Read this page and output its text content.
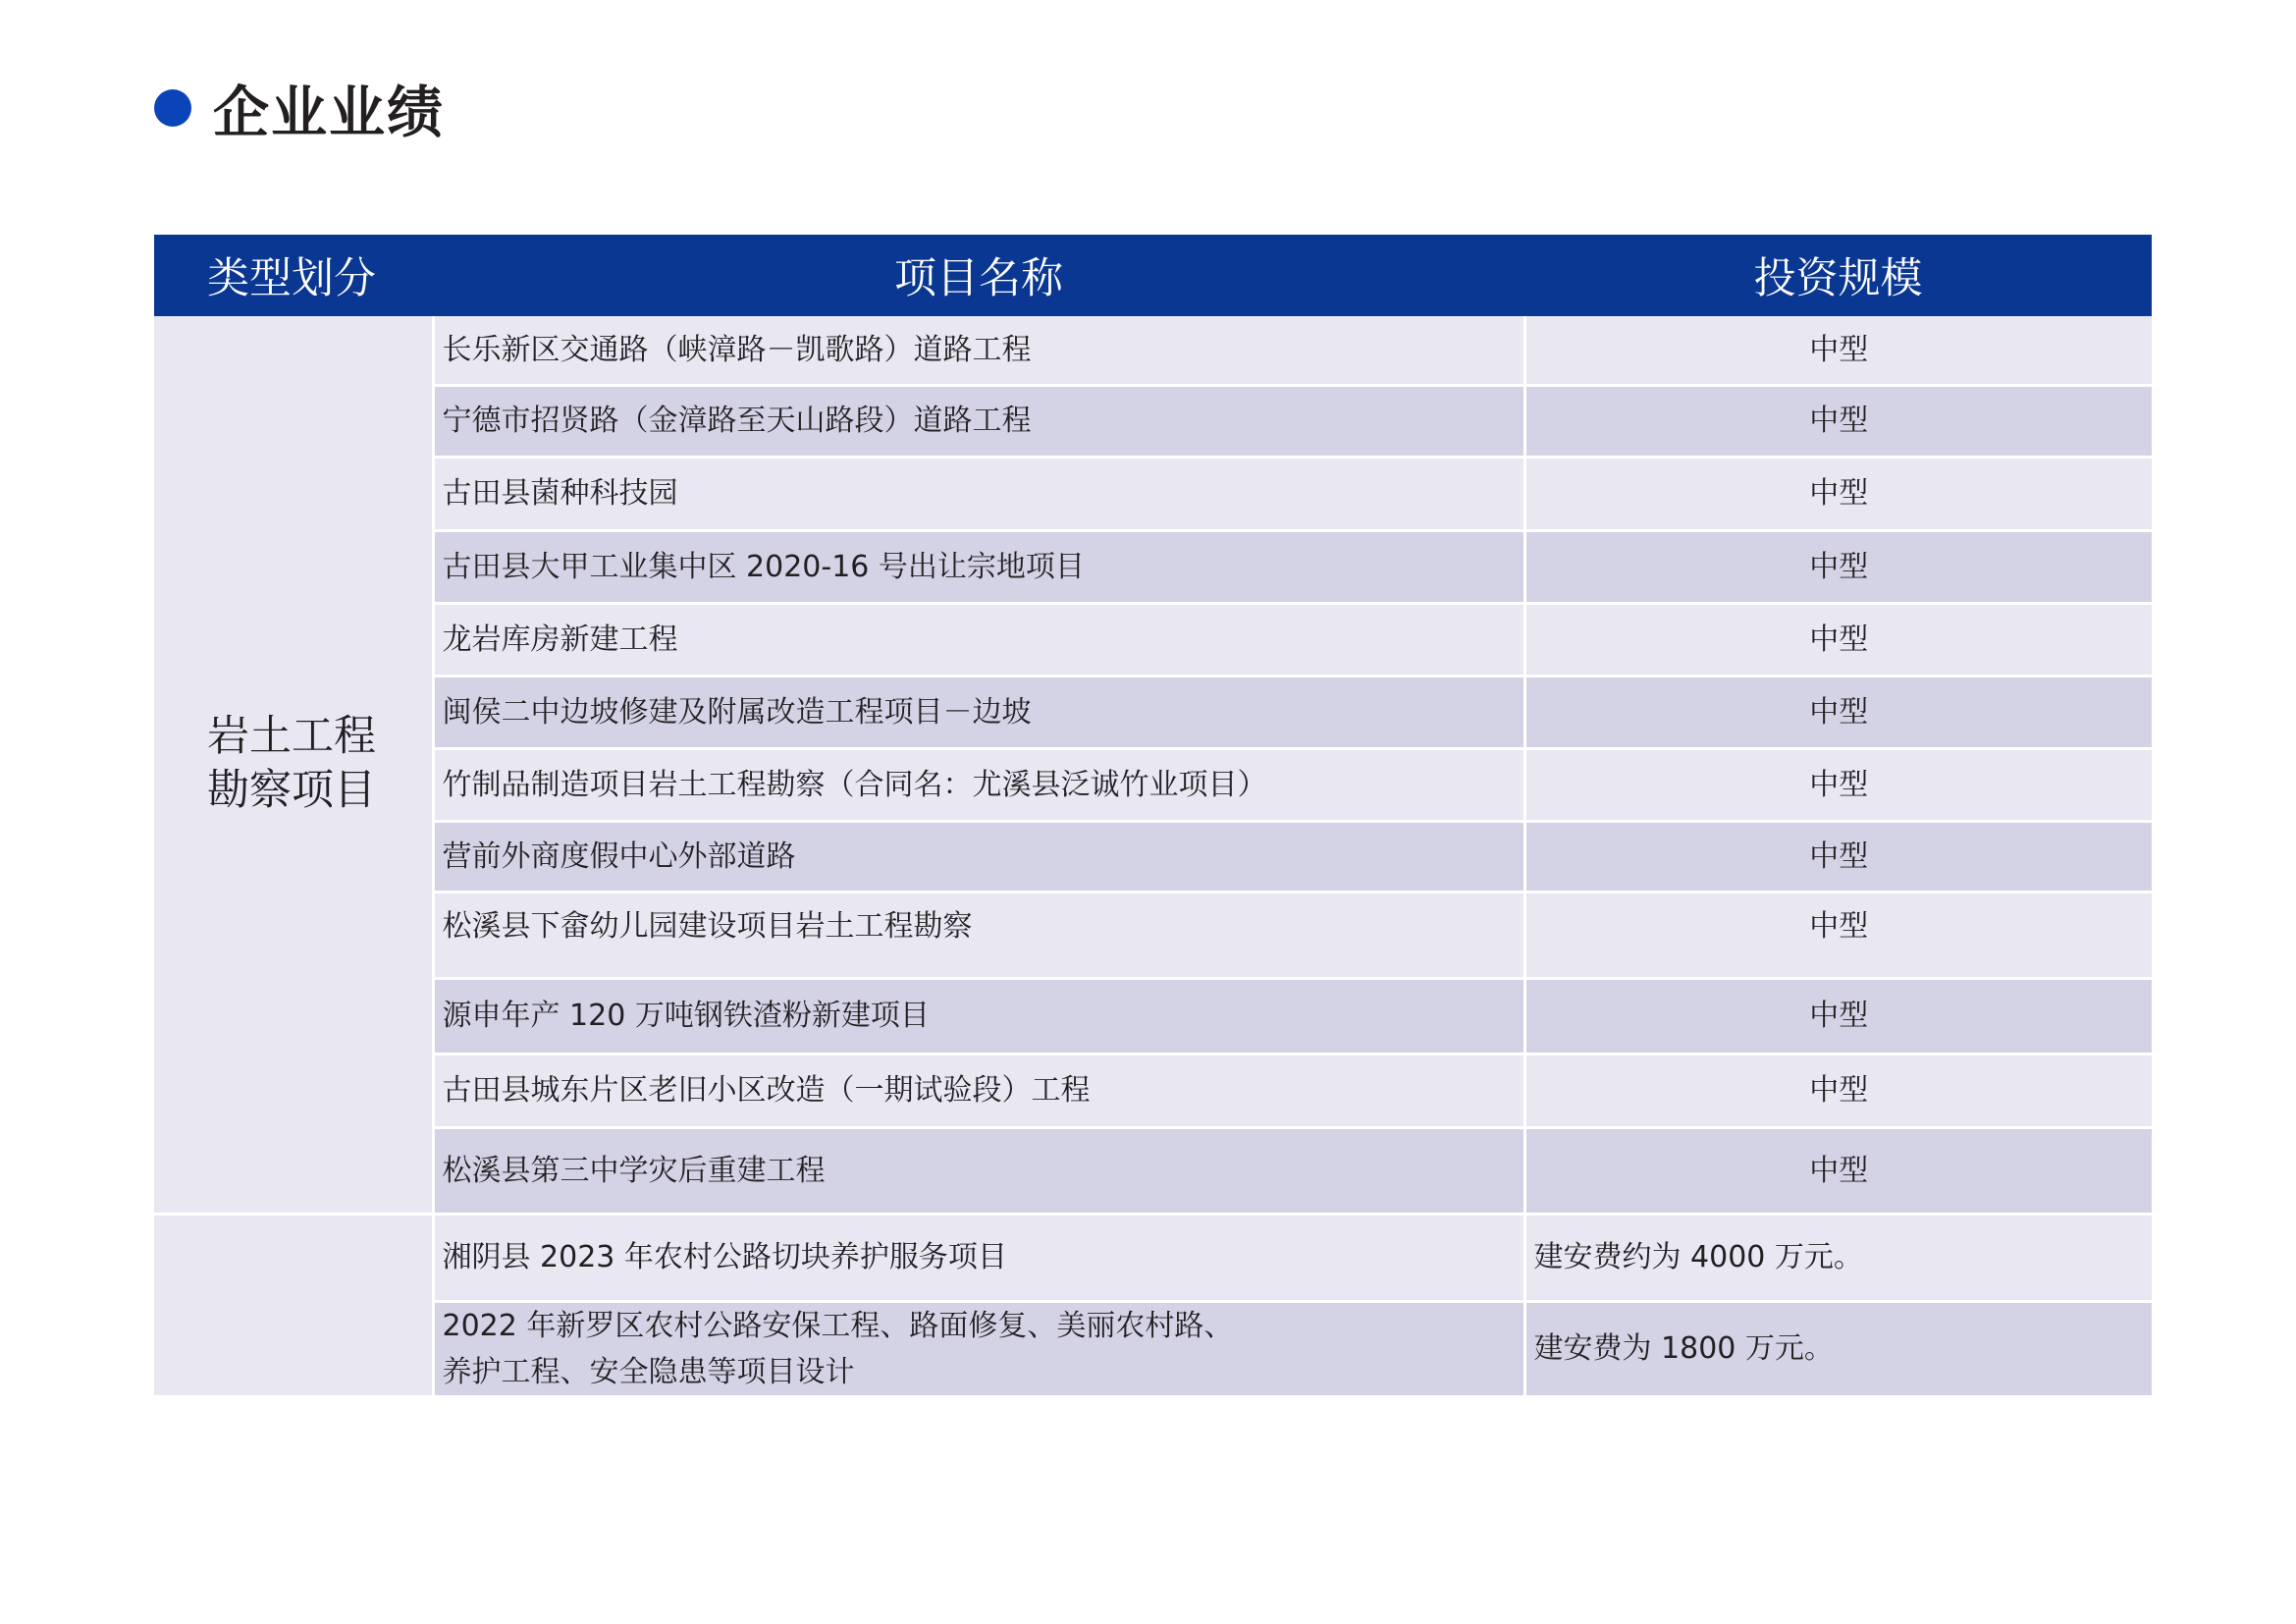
企业业绩
类型划分	项目名称	投资规模

岩土工程
勘察项目	长乐新区交通路（峡漳路－凯歌路）道路工程	中型
	宁德市招贤路（金漳路至天山路段）道路工程	中型
	古田县菌种科技园	中型
	古田县大甲工业集中区 2020-16 号出让宗地项目	中型
	龙岩库房新建工程	中型
	闽侯二中边坡修建及附属改造工程项目－边坡	中型
	竹制品制造项目岩土工程勘察（合同名：尤溪县泛诚竹业项目）	中型
	营前外商度假中心外部道路	中型
	松溪县下畲幼儿园建设项目岩土工程勘察	中型
	源申年产 120 万吨钢铁渣粉新建项目	中型
	古田县城东片区老旧小区改造（一期试验段）工程	中型
	松溪县第三中学灾后重建工程	中型

	湘阴县 2023 年农村公路切块养护服务项目	建安费约为 4000 万元。

	2022 年新罗区农村公路安保工程、路面修复、美丽农村路、
养护工程、安全隐患等项目设计	建安费为 1800 万元。
